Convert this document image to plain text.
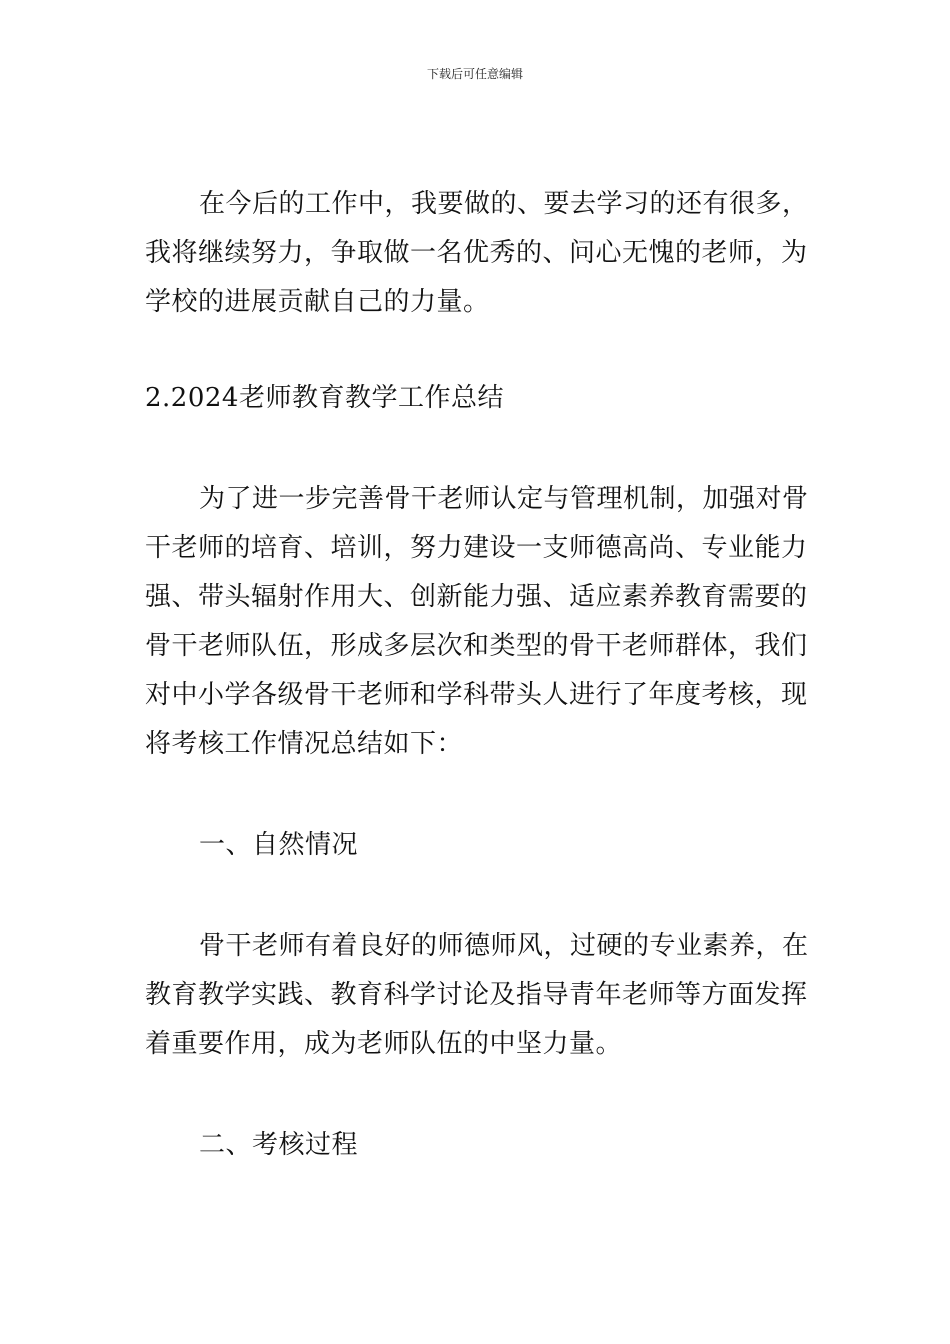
下载后可任意编辑

在今后的工作中，我要做的、要去学习的还有很多，
我将继续努力，争取做一名优秀的、问心无愧的老师，为
学校的进展贡献自己的力量。

2.2024老师教育教学工作总结

为了进一步完善骨干老师认定与管理机制，加强对骨
干老师的培育、培训，努力建设一支师德高尚、专业能力
强、带头辐射作用大、创新能力强、适应素养教育需要的
骨干老师队伍，形成多层次和类型的骨干老师群体，我们
对中小学各级骨干老师和学科带头人进行了年度考核，现
将考核工作情况总结如下：

一、自然情况

骨干老师有着良好的师德师风，过硬的专业素养，在
教育教学实践、教育科学讨论及指导青年老师等方面发挥
着重要作用，成为老师队伍的中坚力量。

二、考核过程
